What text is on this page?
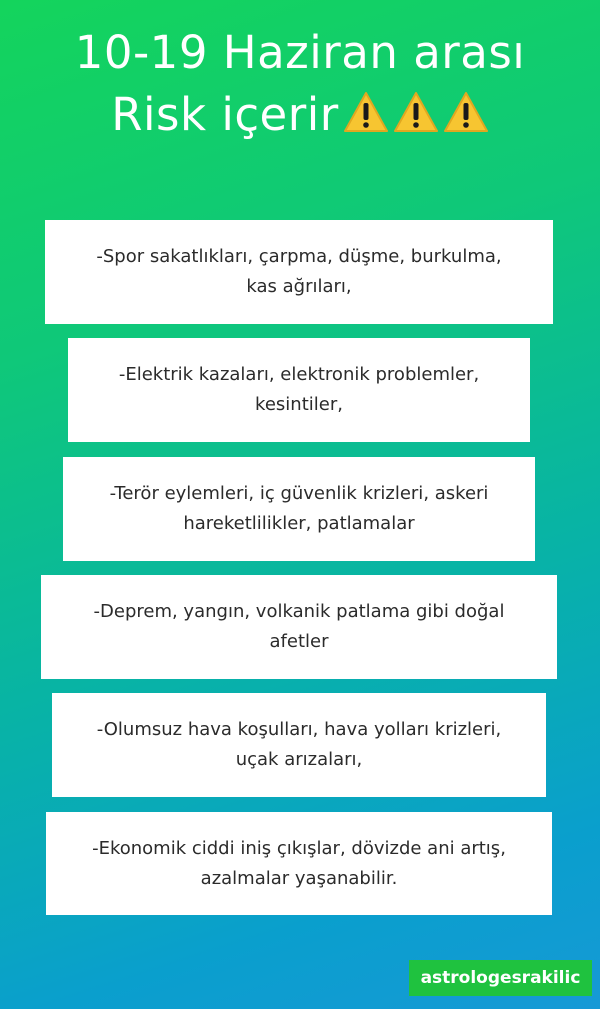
10-19 Haziran arası
Risk içerir
-Spor sakatlıkları, çarpma, düşme, burkulma,
kas ağrıları,
-Elektrik kazaları, elektronik problemler,
kesintiler,
-Terör eylemleri, iç güvenlik krizleri, askeri
hareketlilikler, patlamalar
-Deprem, yangın, volkanik patlama gibi doğal
afetler
-Olumsuz hava koşulları, hava yolları krizleri,
uçak arızaları,
-Ekonomik ciddi iniş çıkışlar, dövizde ani artış,
azalmalar yaşanabilir.
astrologesrakilic
